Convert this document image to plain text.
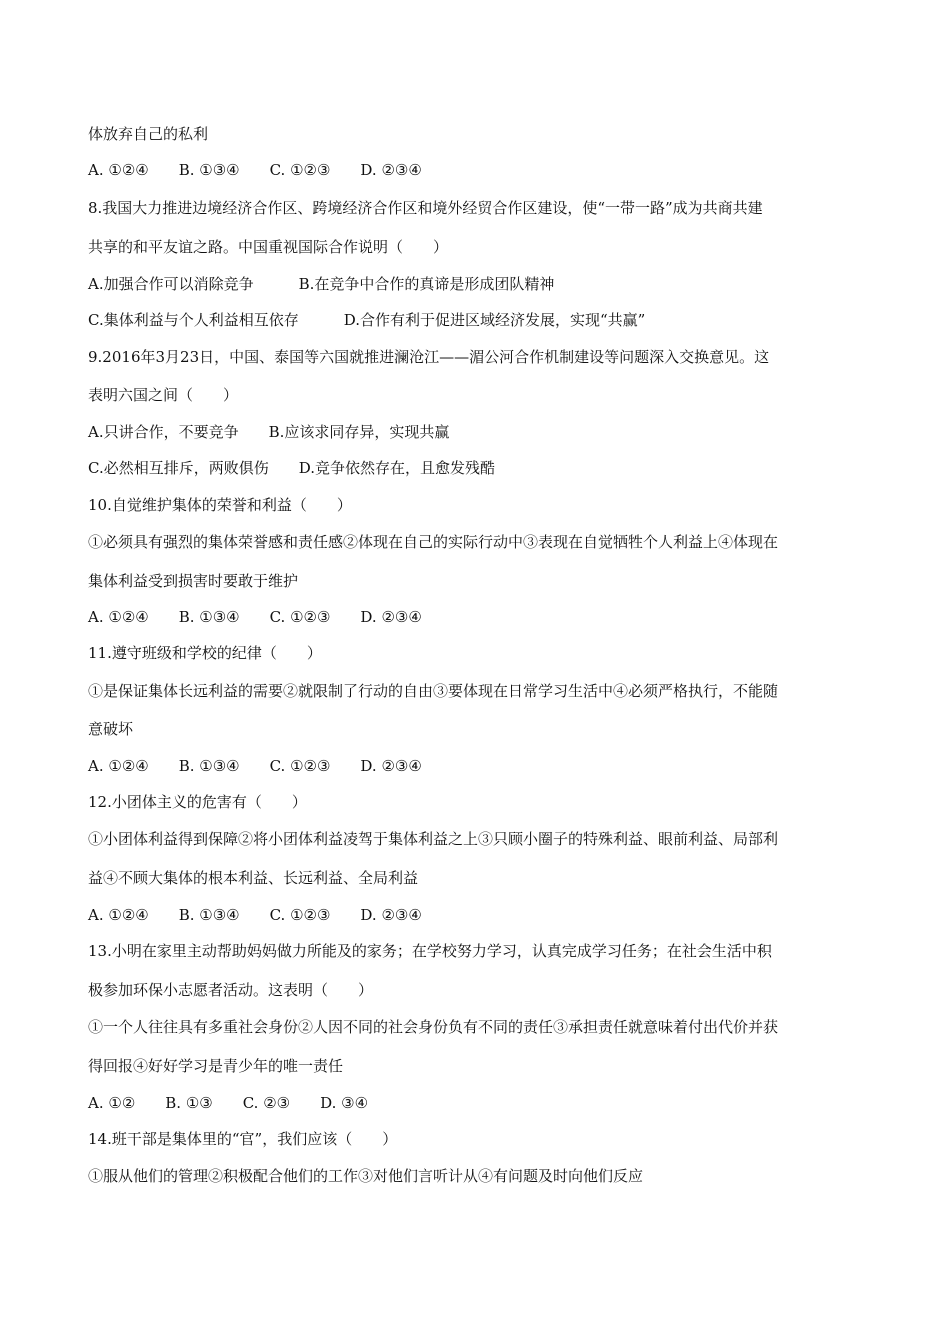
体放弃自己的私利
A. ①②④　　B. ①③④　　C. ①②③　　D. ②③④
8.我国大力推进边境经济合作区、跨境经济合作区和境外经贸合作区建设，使“一带一路”成为共商共建
共享的和平友谊之路。中国重视国际合作说明（　　）
A.加强合作可以消除竞争　　　B.在竞争中合作的真谛是形成团队精神
C.集体利益与个人利益相互依存　　　D.合作有利于促进区域经济发展，实现“共赢”
9.2016年3月23日，中国、泰国等六国就推进澜沧江——湄公河合作机制建设等问题深入交换意见。这
表明六国之间（　　）
A.只讲合作，不要竞争　　B.应该求同存异，实现共赢
C.必然相互排斥，两败俱伤　　D.竞争依然存在，且愈发残酷
10.自觉维护集体的荣誉和利益（　　）
①必须具有强烈的集体荣誉感和责任感②体现在自己的实际行动中③表现在自觉牺牲个人利益上④体现在
集体利益受到损害时要敢于维护
A. ①②④　　B. ①③④　　C. ①②③　　D. ②③④
11.遵守班级和学校的纪律（　　）
①是保证集体长远利益的需要②就限制了行动的自由③要体现在日常学习生活中④必须严格执行，不能随
意破坏
A. ①②④　　B. ①③④　　C. ①②③　　D. ②③④
12.小团体主义的危害有（　　）
①小团体利益得到保障②将小团体利益凌驾于集体利益之上③只顾小圈子的特殊利益、眼前利益、局部利
益④不顾大集体的根本利益、长远利益、全局利益
A. ①②④　　B. ①③④　　C. ①②③　　D. ②③④
13.小明在家里主动帮助妈妈做力所能及的家务；在学校努力学习，认真完成学习任务；在社会生活中积
极参加环保小志愿者活动。这表明（　　）
①一个人往往具有多重社会身份②人因不同的社会身份负有不同的责任③承担责任就意味着付出代价并获
得回报④好好学习是青少年的唯一责任
A. ①②　　B. ①③　　C. ②③　　D. ③④
14.班干部是集体里的“官”，我们应该（　　）
①服从他们的管理②积极配合他们的工作③对他们言听计从④有问题及时向他们反应
